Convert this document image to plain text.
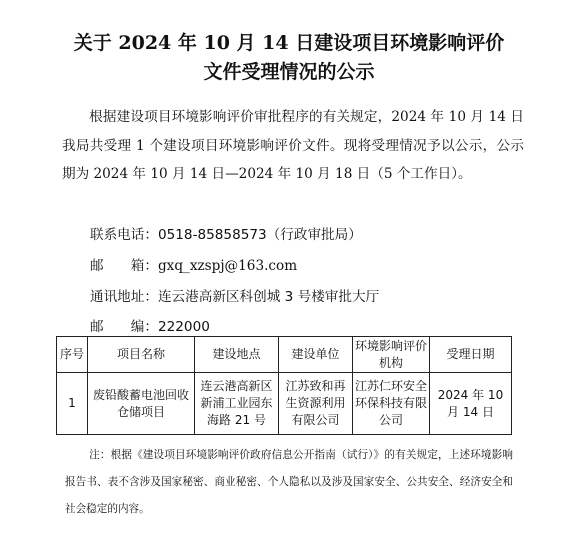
关于 2024 年 10 月 14 日建设项目环境影响评价
文件受理情况的公示
根据建设项目环境影响评价审批程序的有关规定，2024 年 10 月 14 日我局共受理 1 个建设项目环境影响评价文件。现将受理情况予以公示，公示期为 2024 年 10 月 14 日—2024 年 10 月 18 日（5 个工作日）。
联系电话：0518-85858573（行政审批局）
邮　　箱：gxq_xzspj@163.com
通讯地址：连云港高新区科创城 3 号楼审批大厅
邮　　编：222000
序号	项目名称	建设地点	建设单位	环境影响评价机构	受理日期
1	废铅酸蓄电池回收仓储项目	连云港高新区新浦工业园东海路 21 号	江苏致和再生资源利用有限公司	江苏仁环安全环保科技有限公司	2024 年 10 月 14 日
注：根据《建设项目环境影响评价政府信息公开指南（试行）》的有关规定，上述环境影响报告书、表不含涉及国家秘密、商业秘密、个人隐私以及涉及国家安全、公共安全、经济安全和社会稳定的内容。
